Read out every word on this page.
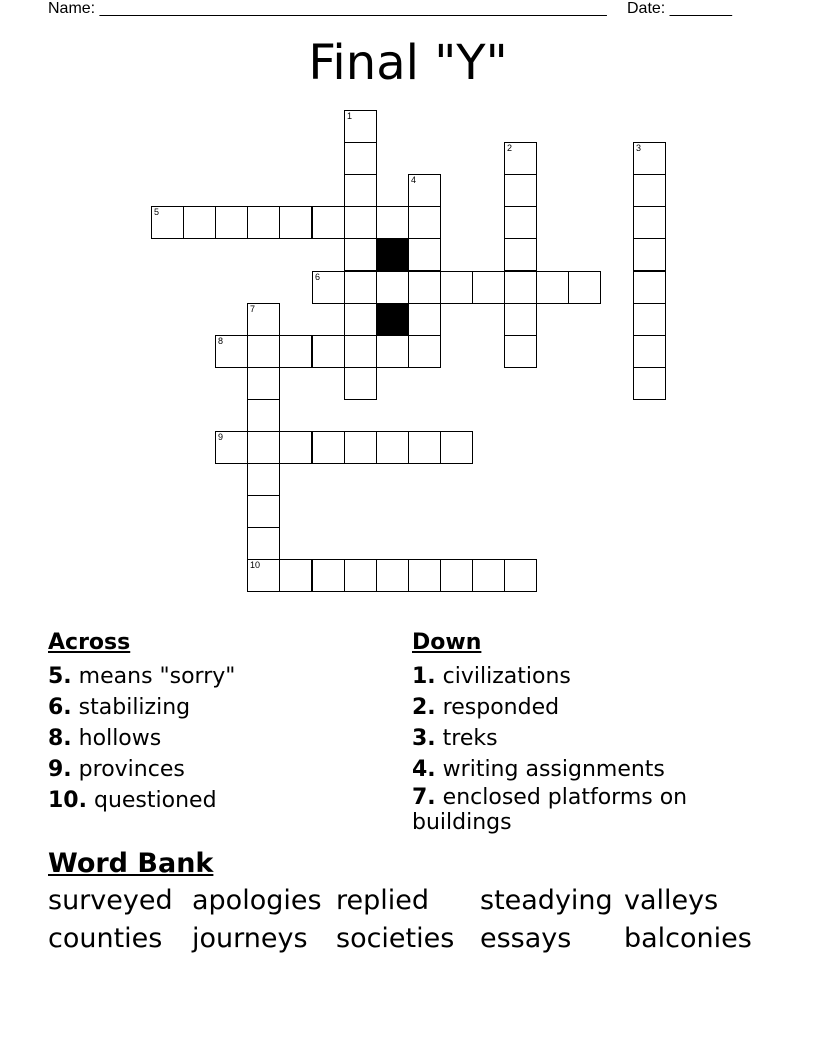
Name: _________________________________________________________ Date: _______
Final "Y"
1
2	3
4
5
6
7
8
9
10
Across
5. means "sorry"
6. stabilizing
8. hollows
9. provinces
10. questioned
Down
1. civilizations
2. responded
3. treks
4. writing assignments
7. enclosed platforms on buildings
Word Bank
surveyed apologies replied steadying valleys
counties journeys societies essays balconies
